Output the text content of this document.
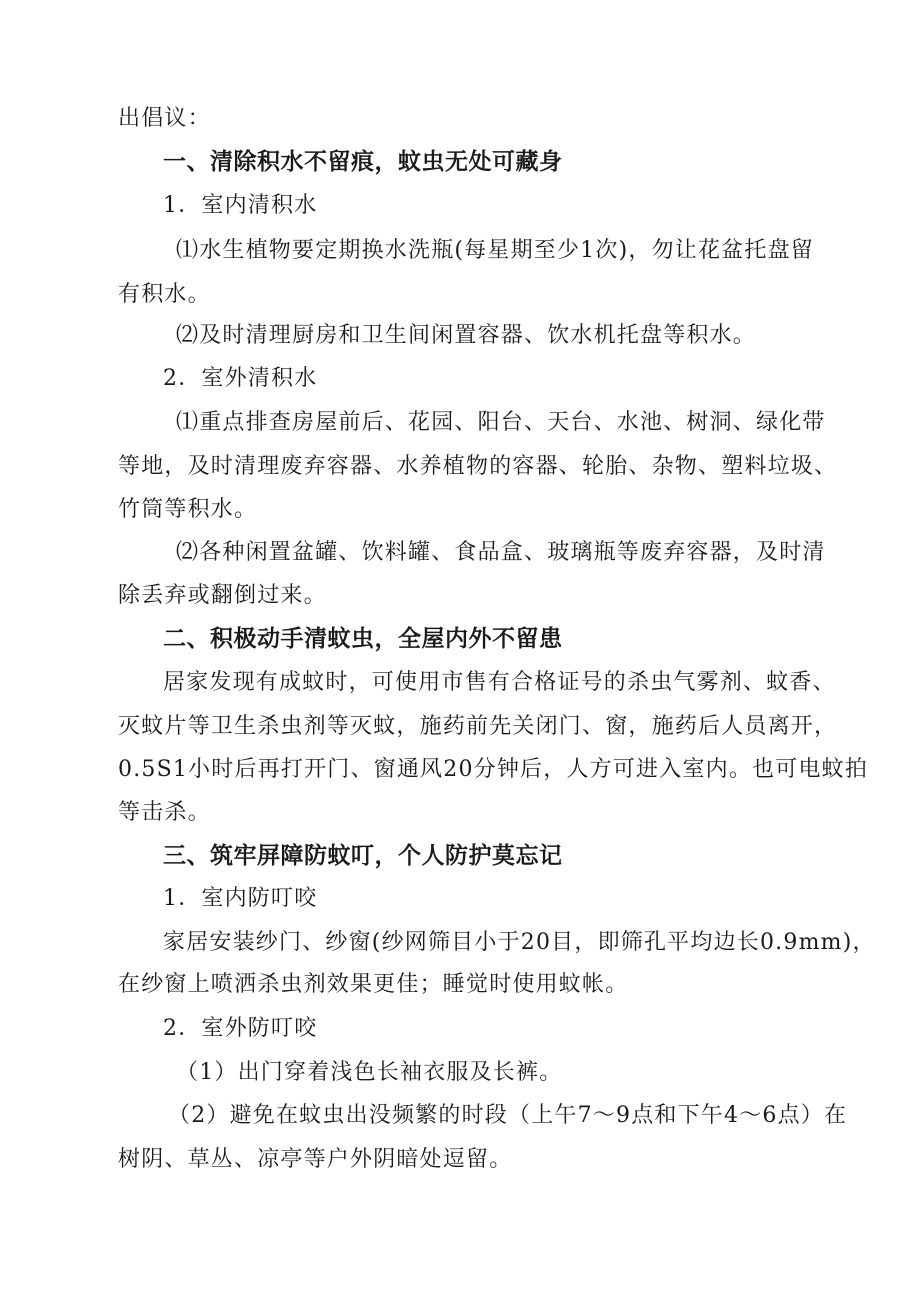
出倡议：
一、清除积水不留痕，蚊虫无处可藏身
1．室内清积水
⑴水生植物要定期换水洗瓶(每星期至少1次)，勿让花盆托盘留
有积水。
⑵及时清理厨房和卫生间闲置容器、饮水机托盘等积水。
2．室外清积水
⑴重点排查房屋前后、花园、阳台、天台、水池、树洞、绿化带
等地，及时清理废弃容器、水养植物的容器、轮胎、杂物、塑料垃圾、
竹筒等积水。
⑵各种闲置盆罐、饮料罐、食品盒、玻璃瓶等废弃容器，及时清
除丢弃或翻倒过来。
二、积极动手清蚊虫，全屋内外不留患
居家发现有成蚊时，可使用市售有合格证号的杀虫气雾剂、蚊香、
灭蚊片等卫生杀虫剂等灭蚊，施药前先关闭门、窗，施药后人员离开，
0.5S1小时后再打开门、窗通风20分钟后，人方可进入室内。也可电蚊拍
等击杀。
三、筑牢屏障防蚊叮，个人防护莫忘记
1．室内防叮咬
家居安装纱门、纱窗(纱网筛目小于20目，即筛孔平均边长0.9mm)，
在纱窗上喷洒杀虫剂效果更佳；睡觉时使用蚊帐。
2．室外防叮咬
（1）出门穿着浅色长袖衣服及长裤。
（2）避免在蚊虫出没频繁的时段（上午7～9点和下午4～6点）在
树阴、草丛、凉亭等户外阴暗处逗留。
